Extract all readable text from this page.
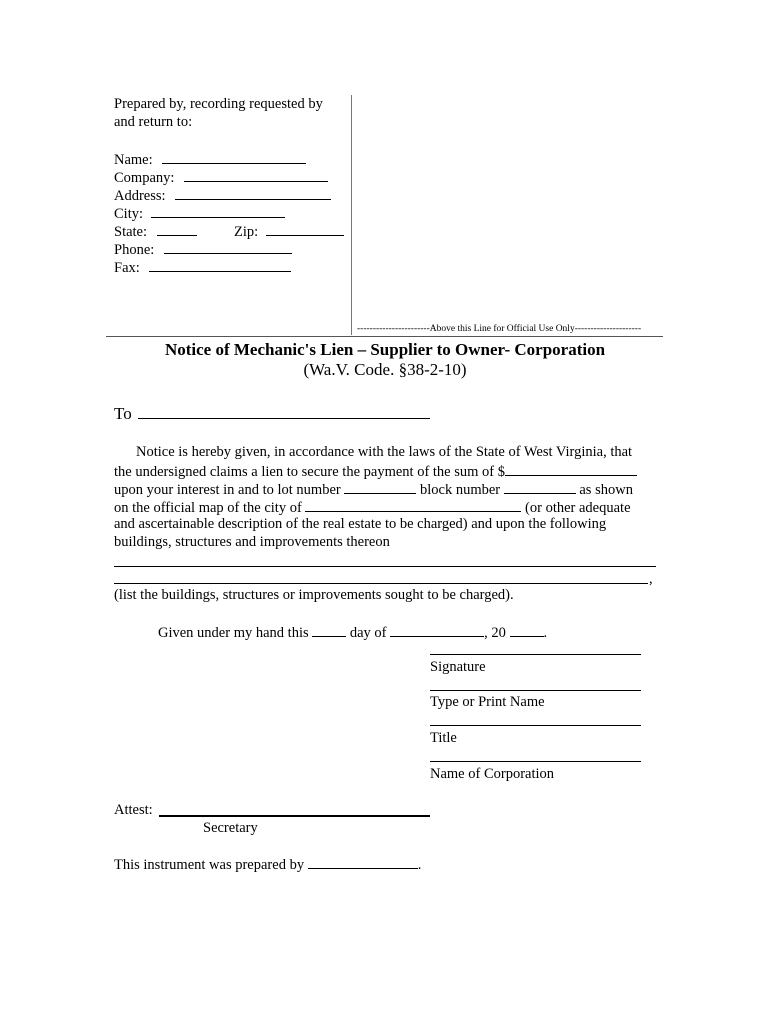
Prepared by, recording requested by
and return to:
Name:
Company:
Address:
City:
State:	Zip:
Phone:
Fax:
-----------------------Above this Line for Official Use Only---------------------
Notice of Mechanic's Lien – Supplier to Owner- Corporation
(Wa.V. Code. §38-2-10)
To
Notice is hereby given, in accordance with the laws of the State of West Virginia, that
the undersigned claims a lien to secure the payment of the sum of $
upon your interest in and to lot number	block number	as shown
on the official map of the city of	(or other adequate
and ascertainable description of the real estate to be charged) and upon the following
buildings, structures and improvements thereon
,
(list the buildings, structures or improvements sought to be charged).
Given under my hand this	day of	, 20	.
Signature
Type or Print Name
Title
Name of Corporation
Attest:
Secretary
This instrument was prepared by	.
